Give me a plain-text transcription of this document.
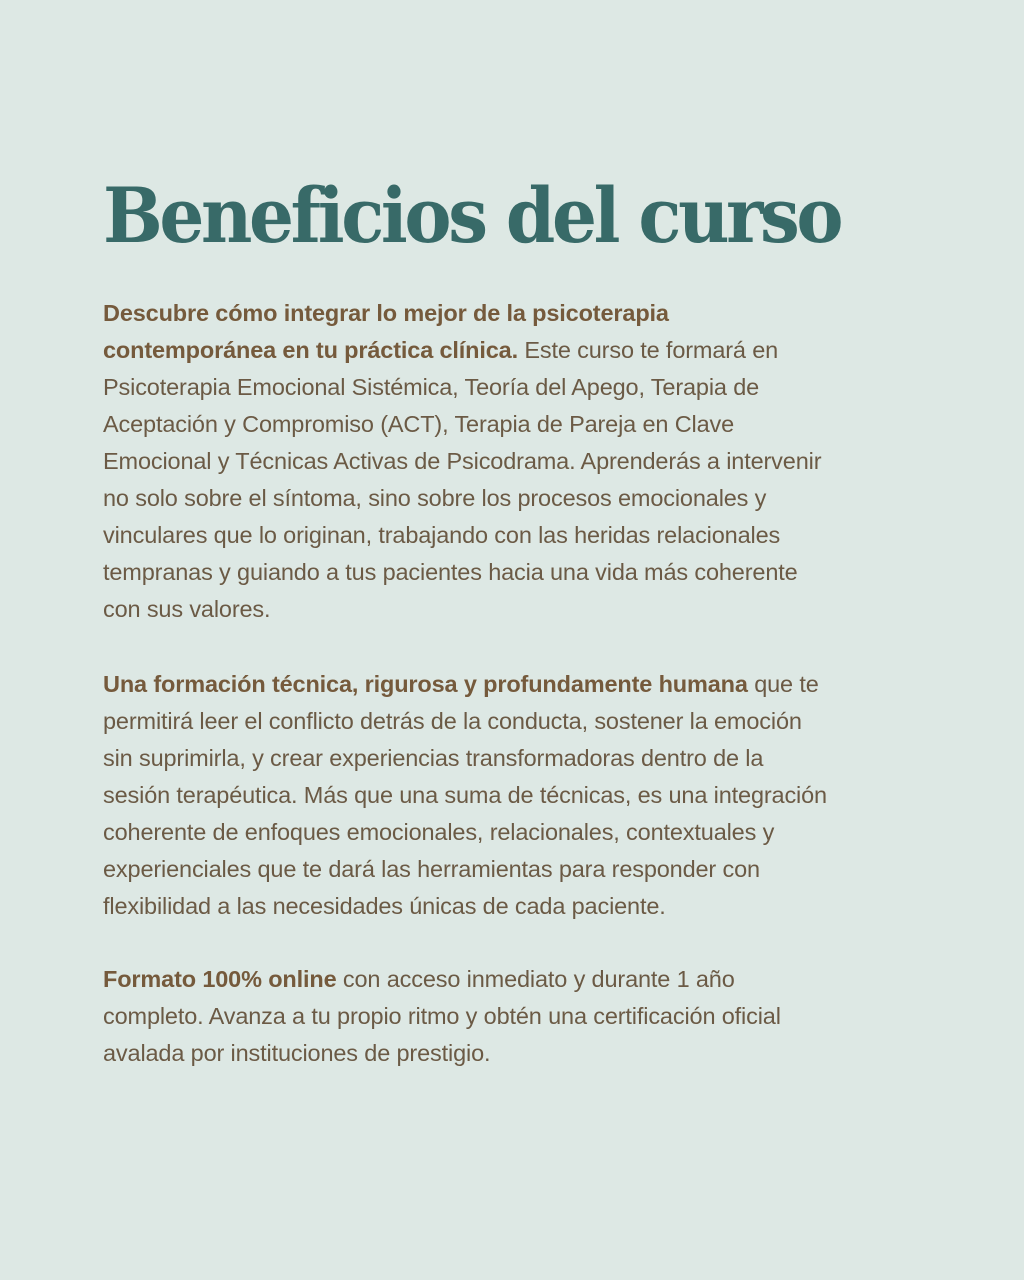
Beneficios del curso

Descubre cómo integrar lo mejor de la psicoterapia
contemporánea en tu práctica clínica. Este curso te formará en
Psicoterapia Emocional Sistémica, Teoría del Apego, Terapia de
Aceptación y Compromiso (ACT), Terapia de Pareja en Clave
Emocional y Técnicas Activas de Psicodrama. Aprenderás a intervenir
no solo sobre el síntoma, sino sobre los procesos emocionales y
vinculares que lo originan, trabajando con las heridas relacionales
tempranas y guiando a tus pacientes hacia una vida más coherente
con sus valores.

Una formación técnica, rigurosa y profundamente humana que te
permitirá leer el conflicto detrás de la conducta, sostener la emoción
sin suprimirla, y crear experiencias transformadoras dentro de la
sesión terapéutica. Más que una suma de técnicas, es una integración
coherente de enfoques emocionales, relacionales, contextuales y
experienciales que te dará las herramientas para responder con
flexibilidad a las necesidades únicas de cada paciente.

Formato 100% online con acceso inmediato y durante 1 año
completo. Avanza a tu propio ritmo y obtén una certificación oficial
avalada por instituciones de prestigio.
